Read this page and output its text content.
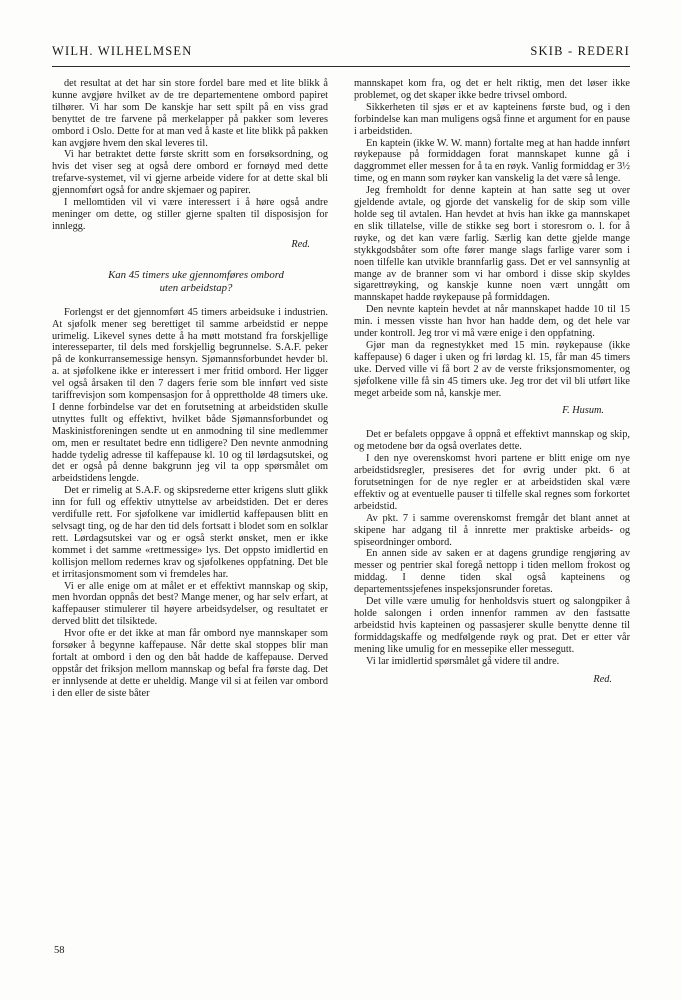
WILH. WILHELMSEN	SKIB - REDERI

det resultat at det har sin store fordel bare med et lite blikk å kunne avgjøre hvilket av de tre departementene ombord papiret tilhører. Vi har som De kanskje har sett spilt på en viss grad benyttet de tre farvene på merkelapper på pakker som leveres ombord i Oslo. Dette for at man ved å kaste et lite blikk på pakken kan avgjøre hvem den skal leveres til.

Vi har betraktet dette første skritt som en forsøksordning, og hvis det viser seg at også dere ombord er fornøyd med dette trefarve-systemet, vil vi gjerne arbeide videre for at dette skal bli gjennomført også for andre skjemaer og papirer.

I mellomtiden vil vi være interessert i å høre også andre meninger om dette, og stiller gjerne spalten til disposisjon for innlegg.

Red.

Kan 45 timers uke gjennomføres ombord

uten arbeidstap?

Forlengst er det gjennomført 45 timers arbeidsuke i industrien. At sjøfolk mener seg berettiget til samme arbeidstid er neppe urimelig. Likevel synes dette å ha møtt motstand fra forskjellige interesseparter, til dels med forskjellig begrunnelse. S.A.F. peker på de konkurransemessige hensyn. Sjømannsforbundet hevder bl. a. at sjøfolkene ikke er interessert i mer fritid ombord. Her ligger vel også årsaken til den 7 dagers ferie som ble innført ved siste tariffrevisjon som kompensasjon for å opprettholde 48 timers uke. I denne forbindelse var det en forutsetning at arbeidstiden skulle utnyttes fullt og effektivt, hvilket både Sjømannsforbundet og Maskinistforeningen sendte ut en anmodning til sine medlemmer om, men er resultatet bedre enn tidligere? Den nevnte anmodning hadde tydelig adresse til kaffepause kl. 10 og til lørdagsutskei, og det er også på denne bakgrunn jeg vil ta opp spørsmålet om arbeidstidens lengde.

Det er rimelig at S.A.F. og skipsrederne etter krigens slutt glikk inn for full og effektiv utnyttelse av arbeidstiden. Det er deres verdifulle rett. For sjøfolkene var imidlertid kaffepausen blitt en selvsagt ting, og de har den tid dels fortsatt i blodet som en solklar rett. Lørdagsutskei var og er også sterkt ønsket, men er ikke kommet i det samme «rettmessige» lys. Det oppsto imidlertid en kollisjon mellom redernes krav og sjøfolkenes oppfatning. Det ble et irritasjonsmoment som vi fremdeles har.

Vi er alle enige om at målet er et effektivt mannskap og skip, men hvordan oppnås det best? Mange mener, og har selv erfart, at kaffepauser stimulerer til høyere arbeidsydelser, og resultatet er derved blitt det tilsiktede.

Hvor ofte er det ikke at man får ombord nye mannskaper som forsøker å begynne kaffepause. Når dette skal stoppes blir man fortalt at ombord i den og den båt hadde de kaffepause. Derved oppstår det friksjon mellom mannskap og befal fra første dag. Det er innlysende at dette er uheldig. Mange vil si at feilen var ombord i den eller de siste båter

mannskapet kom fra, og det er helt riktig, men det løser ikke problemet, og det skaper ikke bedre trivsel ombord.

Sikkerheten til sjøs er et av kapteinens første bud, og i den forbindelse kan man muligens også finne et argument for en pause i arbeidstiden.

En kaptein (ikke W. W. mann) fortalte meg at han hadde innført røykepause på formiddagen forat mannskapet kunne gå i daggrommet eller messen for å ta en røyk. Vanlig formiddag er 3½ time, og en mann som røyker kan vanskelig la det være så lenge.

Jeg fremholdt for denne kaptein at han satte seg ut over gjeldende avtale, og gjorde det vanskelig for de skip som ville holde seg til avtalen. Han hevdet at hvis han ikke ga mannskapet en slik tillatelse, ville de stikke seg bort i storesrom o. l. for å røyke, og det kan være farlig. Særlig kan dette gjelde mange stykkgodsbåter som ofte fører mange slags farlige varer som i noen tilfelle kan utvikle brannfarlig gass. Det er vel sannsynlig at mange av de branner som vi har ombord i disse skip skyldes sigarettrøyking, og kanskje kunne noen vært unngått om mannskapet hadde røykepause på formiddagen.

Den nevnte kaptein hevdet at når mannskapet hadde 10 til 15 min. i messen visste han hvor han hadde dem, og det hele var under kontroll. Jeg tror vi må være enige i den oppfatning.

Gjør man da regnestykket med 15 min. røykepause (ikke kaffepause) 6 dager i uken og fri lørdag kl. 15, får man 45 timers uke. Derved ville vi få bort 2 av de verste friksjonsmomenter, og sjøfolkene ville få sin 45 timers uke. Jeg tror det vil bli utført like meget arbeide som nå, kanskje mer.

F. Husum.

Det er befalets oppgave å oppnå et effektivt mannskap og skip, og metodene bør da også overlates dette.

I den nye overenskomst hvori partene er blitt enige om nye arbeidstidsregler, presiseres det for øvrig under pkt. 6 at forutsetningen for de nye regler er at arbeidstiden skal være effektiv og at eventuelle pauser ti tilfelle skal regnes som forkortet arbeidstid.

Av pkt. 7 i samme overenskomst fremgår det blant annet at skipene har adgang til å innrette mer praktiske arbeids- og spiseordninger ombord.

En annen side av saken er at dagens grundige rengjøring av messer og pentrier skal foregå nettopp i tiden mellom frokost og middag. I denne tiden skal også kapteinens og departementssjefenes inspeksjonsrunder foretas.

Det ville være umulig for henholdsvis stuert og salongpiker å holde salongen i orden innenfor rammen av den fastsatte arbeidstid hvis kapteinen og passasjerer skulle benytte denne til formiddagskaffe og medfølgende røyk og prat. Det er etter vår mening like umulig for en messepike eller messegutt.

Vi lar imidlertid spørsmålet gå videre til andre.

Red.
58
